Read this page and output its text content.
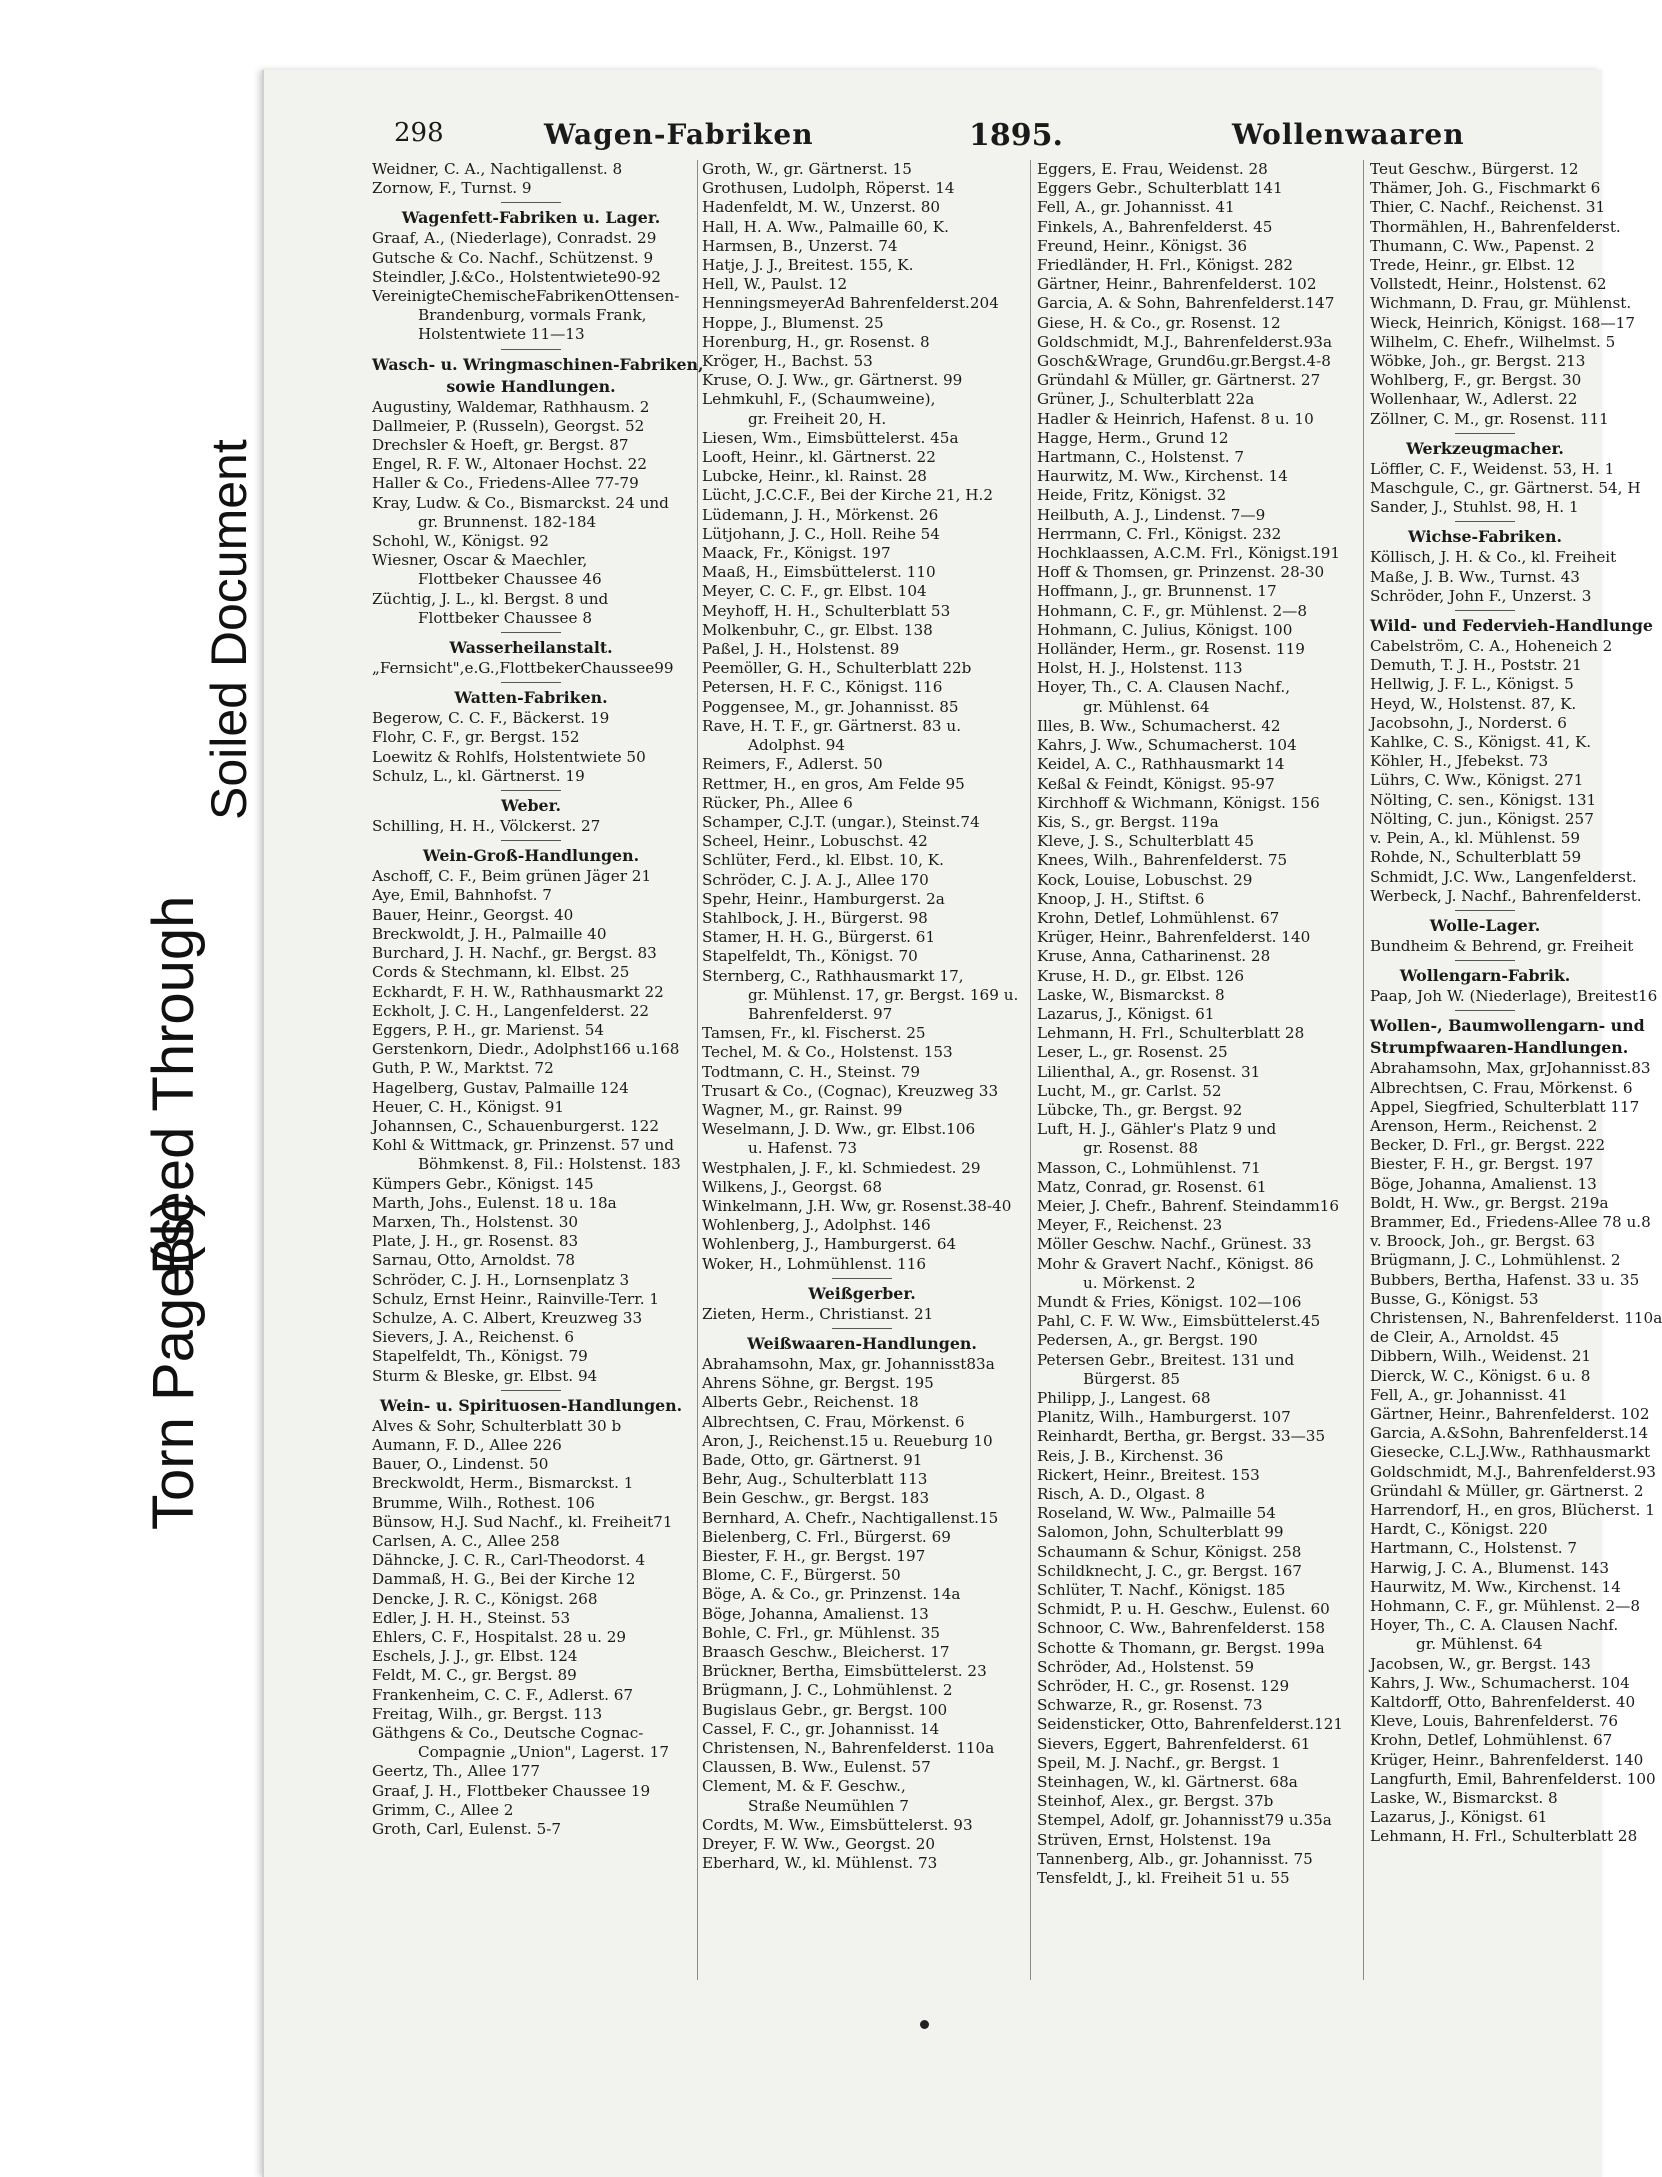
Torn Page(s)
Bleed Through
Soiled Document
298	Wagen-Fabriken	1895.	Wollenwaaren
Weidner, C. A., Nachtigallenst. 8
Zornow, F., Turnst. 9
Wagenfett-Fabriken u. Lager.
Graaf, A., (Niederlage), Conradst. 29
Gutsche & Co. Nachf., Schützenst. 9
Steindler, J.&Co., Holstentwiete90-92
VereinigteChemischeFabrikenOttensen-
Brandenburg, vormals Frank,
Holstentwiete 11—13
Wasch- u. Wringmaschinen-Fabriken,
sowie Handlungen.
Augustiny, Waldemar, Rathhausm. 2
Dallmeier, P. (Russeln), Georgst. 52
Drechsler & Hoeft, gr. Bergst. 87
Engel, R. F. W., Altonaer Hochst. 22
Haller & Co., Friedens-Allee 77-79
Kray, Ludw. & Co., Bismarckst. 24 und
gr. Brunnenst. 182-184
Schohl, W., Königst. 92
Wiesner, Oscar & Maechler,
Flottbeker Chaussee 46
Züchtig, J. L., kl. Bergst. 8 und
Flottbeker Chaussee 8
Wasserheilanstalt.
„Fernsicht",e.G.,FlottbekerChaussee99
Watten-Fabriken.
Begerow, C. C. F., Bäckerst. 19
Flohr, C. F., gr. Bergst. 152
Loewitz & Rohlfs, Holstentwiete 50
Schulz, L., kl. Gärtnerst. 19
Weber.
Schilling, H. H., Völckerst. 27
Wein-Groß-Handlungen.
Aschoff, C. F., Beim grünen Jäger 21
Aye, Emil, Bahnhofst. 7
Bauer, Heinr., Georgst. 40
Breckwoldt, J. H., Palmaille 40
Burchard, J. H. Nachf., gr. Bergst. 83
Cords & Stechmann, kl. Elbst. 25
Eckhardt, F. H. W., Rathhausmarkt 22
Eckholt, J. C. H., Langenfelderst. 22
Eggers, P. H., gr. Marienst. 54
Gerstenkorn, Diedr., Adolphst166 u.168
Guth, P. W., Marktst. 72
Hagelberg, Gustav, Palmaille 124
Heuer, C. H., Königst. 91
Johannsen, C., Schauenburgerst. 122
Kohl & Wittmack, gr. Prinzenst. 57 und
Böhmkenst. 8, Fil.: Holstenst. 183
Kümpers Gebr., Königst. 145
Marth, Johs., Eulenst. 18 u. 18a
Marxen, Th., Holstenst. 30
Plate, J. H., gr. Rosenst. 83
Sarnau, Otto, Arnoldst. 78
Schröder, C. J. H., Lornsenplatz 3
Schulz, Ernst Heinr., Rainville-Terr. 1
Schulze, A. C. Albert, Kreuzweg 33
Sievers, J. A., Reichenst. 6
Stapelfeldt, Th., Königst. 79
Sturm & Bleske, gr. Elbst. 94
Wein- u. Spirituosen-Handlungen.
Alves & Sohr, Schulterblatt 30 b
Aumann, F. D., Allee 226
Bauer, O., Lindenst. 50
Breckwoldt, Herm., Bismarckst. 1
Brumme, Wilh., Rothest. 106
Bünsow, H.J. Sud Nachf., kl. Freiheit71
Carlsen, A. C., Allee 258
Dähncke, J. C. R., Carl-Theodorst. 4
Dammaß, H. G., Bei der Kirche 12
Dencke, J. R. C., Königst. 268
Edler, J. H. H., Steinst. 53
Ehlers, C. F., Hospitalst. 28 u. 29
Eschels, J. J., gr. Elbst. 124
Feldt, M. C., gr. Bergst. 89
Frankenheim, C. C. F., Adlerst. 67
Freitag, Wilh., gr. Bergst. 113
Gäthgens & Co., Deutsche Cognac-
Compagnie „Union", Lagerst. 17
Geertz, Th., Allee 177
Graaf, J. H., Flottbeker Chaussee 19
Grimm, C., Allee 2
Groth, Carl, Eulenst. 5-7
Groth, W., gr. Gärtnerst. 15
Grothusen, Ludolph, Röperst. 14
Hadenfeldt, M. W., Unzerst. 80
Hall, H. A. Ww., Palmaille 60, K.
Harmsen, B., Unzerst. 74
Hatje, J. J., Breitest. 155, K.
Hell, W., Paulst. 12
HenningsmeyerAd Bahrenfelderst.204
Hoppe, J., Blumenst. 25
Horenburg, H., gr. Rosenst. 8
Kröger, H., Bachst. 53
Kruse, O. J. Ww., gr. Gärtnerst. 99
Lehmkuhl, F., (Schaumweine),
gr. Freiheit 20, H.
Liesen, Wm., Eimsbüttelerst. 45a
Looft, Heinr., kl. Gärtnerst. 22
Lubcke, Heinr., kl. Rainst. 28
Lücht, J.C.C.F., Bei der Kirche 21, H.2
Lüdemann, J. H., Mörkenst. 26
Lütjohann, J. C., Holl. Reihe 54
Maack, Fr., Königst. 197
Maaß, H., Eimsbüttelerst. 110
Meyer, C. C. F., gr. Elbst. 104
Meyhoff, H. H., Schulterblatt 53
Molkenbuhr, C., gr. Elbst. 138
Paßel, J. H., Holstenst. 89
Peemöller, G. H., Schulterblatt 22b
Petersen, H. F. C., Königst. 116
Poggensee, M., gr. Johannisst. 85
Rave, H. T. F., gr. Gärtnerst. 83 u.
Adolphst. 94
Reimers, F., Adlerst. 50
Rettmer, H., en gros, Am Felde 95
Rücker, Ph., Allee 6
Schamper, C.J.T. (ungar.), Steinst.74
Scheel, Heinr., Lobuschst. 42
Schlüter, Ferd., kl. Elbst. 10, K.
Schröder, C. J. A. J., Allee 170
Spehr, Heinr., Hamburgerst. 2a
Stahlbock, J. H., Bürgerst. 98
Stamer, H. H. G., Bürgerst. 61
Stapelfeldt, Th., Königst. 70
Sternberg, C., Rathhausmarkt 17,
gr. Mühlenst. 17, gr. Bergst. 169 u.
Bahrenfelderst. 97
Tamsen, Fr., kl. Fischerst. 25
Techel, M. & Co., Holstenst. 153
Todtmann, C. H., Steinst. 79
Trusart & Co., (Cognac), Kreuzweg 33
Wagner, M., gr. Rainst. 99
Weselmann, J. D. Ww., gr. Elbst.106
u. Hafenst. 73
Westphalen, J. F., kl. Schmiedest. 29
Wilkens, J., Georgst. 68
Winkelmann, J.H. Ww, gr. Rosenst.38-40
Wohlenberg, J., Adolphst. 146
Wohlenberg, J., Hamburgerst. 64
Woker, H., Lohmühlenst. 116
Weißgerber.
Zieten, Herm., Christianst. 21
Weißwaaren-Handlungen.
Abrahamsohn, Max, gr. Johannisst83a
Ahrens Söhne, gr. Bergst. 195
Alberts Gebr., Reichenst. 18
Albrechtsen, C. Frau, Mörkenst. 6
Aron, J., Reichenst.15 u. Reueburg 10
Bade, Otto, gr. Gärtnerst. 91
Behr, Aug., Schulterblatt 113
Bein Geschw., gr. Bergst. 183
Bernhard, A. Chefr., Nachtigallenst.15
Bielenberg, C. Frl., Bürgerst. 69
Biester, F. H., gr. Bergst. 197
Blome, C. F., Bürgerst. 50
Böge, A. & Co., gr. Prinzenst. 14a
Böge, Johanna, Amalienst. 13
Bohle, C. Frl., gr. Mühlenst. 35
Braasch Geschw., Bleicherst. 17
Brückner, Bertha, Eimsbüttelerst. 23
Brügmann, J. C., Lohmühlenst. 2
Bugislaus Gebr., gr. Bergst. 100
Cassel, F. C., gr. Johannisst. 14
Christensen, N., Bahrenfelderst. 110a
Claussen, B. Ww., Eulenst. 57
Clement, M. & F. Geschw.,
Straße Neumühlen 7
Cordts, M. Ww., Eimsbüttelerst. 93
Dreyer, F. W. Ww., Georgst. 20
Eberhard, W., kl. Mühlenst. 73
Eggers, E. Frau, Weidenst. 28
Eggers Gebr., Schulterblatt 141
Fell, A., gr. Johannisst. 41
Finkels, A., Bahrenfelderst. 45
Freund, Heinr., Königst. 36
Friedländer, H. Frl., Königst. 282
Gärtner, Heinr., Bahrenfelderst. 102
Garcia, A. & Sohn, Bahrenfelderst.147
Giese, H. & Co., gr. Rosenst. 12
Goldschmidt, M.J., Bahrenfelderst.93a
Gosch&Wrage, Grund6u.gr.Bergst.4-8
Gründahl & Müller, gr. Gärtnerst. 27
Grüner, J., Schulterblatt 22a
Hadler & Heinrich, Hafenst. 8 u. 10
Hagge, Herm., Grund 12
Hartmann, C., Holstenst. 7
Haurwitz, M. Ww., Kirchenst. 14
Heide, Fritz, Königst. 32
Heilbuth, A. J., Lindenst. 7—9
Herrmann, C. Frl., Königst. 232
Hochklaassen, A.C.M. Frl., Königst.191
Hoff & Thomsen, gr. Prinzenst. 28-30
Hoffmann, J., gr. Brunnenst. 17
Hohmann, C. F., gr. Mühlenst. 2—8
Hohmann, C. Julius, Königst. 100
Holländer, Herm., gr. Rosenst. 119
Holst, H. J., Holstenst. 113
Hoyer, Th., C. A. Clausen Nachf.,
gr. Mühlenst. 64
Illes, B. Ww., Schumacherst. 42
Kahrs, J. Ww., Schumacherst. 104
Keidel, A. C., Rathhausmarkt 14
Keßal & Feindt, Königst. 95-97
Kirchhoff & Wichmann, Königst. 156
Kis, S., gr. Bergst. 119a
Kleve, J. S., Schulterblatt 45
Knees, Wilh., Bahrenfelderst. 75
Kock, Louise, Lobuschst. 29
Knoop, J. H., Stiftst. 6
Krohn, Detlef, Lohmühlenst. 67
Krüger, Heinr., Bahrenfelderst. 140
Kruse, Anna, Catharinenst. 28
Kruse, H. D., gr. Elbst. 126
Laske, W., Bismarckst. 8
Lazarus, J., Königst. 61
Lehmann, H. Frl., Schulterblatt 28
Leser, L., gr. Rosenst. 25
Lilienthal, A., gr. Rosenst. 31
Lucht, M., gr. Carlst. 52
Lübcke, Th., gr. Bergst. 92
Luft, H. J., Gähler's Platz 9 und
gr. Rosenst. 88
Masson, C., Lohmühlenst. 71
Matz, Conrad, gr. Rosenst. 61
Meier, J. Chefr., Bahrenf. Steindamm16
Meyer, F., Reichenst. 23
Möller Geschw. Nachf., Grünest. 33
Mohr & Gravert Nachf., Königst. 86
u. Mörkenst. 2
Mundt & Fries, Königst. 102—106
Pahl, C. F. W. Ww., Eimsbüttelerst.45
Pedersen, A., gr. Bergst. 190
Petersen Gebr., Breitest. 131 und
Bürgerst. 85
Philipp, J., Langest. 68
Planitz, Wilh., Hamburgerst. 107
Reinhardt, Bertha, gr. Bergst. 33—35
Reis, J. B., Kirchenst. 36
Rickert, Heinr., Breitest. 153
Risch, A. D., Olgast. 8
Roseland, W. Ww., Palmaille 54
Salomon, John, Schulterblatt 99
Schaumann & Schur, Königst. 258
Schildknecht, J. C., gr. Bergst. 167
Schlüter, T. Nachf., Königst. 185
Schmidt, P. u. H. Geschw., Eulenst. 60
Schnoor, C. Ww., Bahrenfelderst. 158
Schotte & Thomann, gr. Bergst. 199a
Schröder, Ad., Holstenst. 59
Schröder, H. C., gr. Rosenst. 129
Schwarze, R., gr. Rosenst. 73
Seidensticker, Otto, Bahrenfelderst.121
Sievers, Eggert, Bahrenfelderst. 61
Speil, M. J. Nachf., gr. Bergst. 1
Steinhagen, W., kl. Gärtnerst. 68a
Steinhof, Alex., gr. Bergst. 37b
Stempel, Adolf, gr. Johannisst79 u.35a
Strüven, Ernst, Holstenst. 19a
Tannenberg, Alb., gr. Johannisst. 75
Tensfeldt, J., kl. Freiheit 51 u. 55
Teut Geschw., Bürgerst. 12
Thämer, Joh. G., Fischmarkt 6
Thier, C. Nachf., Reichenst. 31
Thormählen, H., Bahrenfelderst.
Thumann, C. Ww., Papenst. 2
Trede, Heinr., gr. Elbst. 12
Vollstedt, Heinr., Holstenst. 62
Wichmann, D. Frau, gr. Mühlenst.
Wieck, Heinrich, Königst. 168—17
Wilhelm, C. Ehefr., Wilhelmst. 5
Wöbke, Joh., gr. Bergst. 213
Wohlberg, F., gr. Bergst. 30
Wollenhaar, W., Adlerst. 22
Zöllner, C. M., gr. Rosenst. 111
Werkzeugmacher.
Löffler, C. F., Weidenst. 53, H. 1
Maschgule, C., gr. Gärtnerst. 54, H
Sander, J., Stuhlst. 98, H. 1
Wichse-Fabriken.
Köllisch, J. H. & Co., kl. Freiheit
Maße, J. B. Ww., Turnst. 43
Schröder, John F., Unzerst. 3
Wild- und Federvieh-Handlunge
Cabelström, C. A., Hoheneich 2
Demuth, T. J. H., Poststr. 21
Hellwig, J. F. L., Königst. 5
Heyd, W., Holstenst. 87, K.
Jacobsohn, J., Norderst. 6
Kahlke, C. S., Königst. 41, K.
Köhler, H., Jfebekst. 73
Lührs, C. Ww., Königst. 271
Nölting, C. sen., Königst. 131
Nölting, C. jun., Königst. 257
v. Pein, A., kl. Mühlenst. 59
Rohde, N., Schulterblatt 59
Schmidt, J.C. Ww., Langenfelderst.
Werbeck, J. Nachf., Bahrenfelderst.
Wolle-Lager.
Bundheim & Behrend, gr. Freiheit
Wollengarn-Fabrik.
Paap, Joh W. (Niederlage), Breitest16
Wollen-, Baumwollengarn- und
Strumpfwaaren-Handlungen.
Abrahamsohn, Max, grJohannisst.83
Albrechtsen, C. Frau, Mörkenst. 6
Appel, Siegfried, Schulterblatt 117
Arenson, Herm., Reichenst. 2
Becker, D. Frl., gr. Bergst. 222
Biester, F. H., gr. Bergst. 197
Böge, Johanna, Amalienst. 13
Boldt, H. Ww., gr. Bergst. 219a
Brammer, Ed., Friedens-Allee 78 u.8
v. Broock, Joh., gr. Bergst. 63
Brügmann, J. C., Lohmühlenst. 2
Bubbers, Bertha, Hafenst. 33 u. 35
Busse, G., Königst. 53
Christensen, N., Bahrenfelderst. 110a
de Cleir, A., Arnoldst. 45
Dibbern, Wilh., Weidenst. 21
Dierck, W. C., Königst. 6 u. 8
Fell, A., gr. Johannisst. 41
Gärtner, Heinr., Bahrenfelderst. 102
Garcia, A.&Sohn, Bahrenfelderst.14
Giesecke, C.L.J.Ww., Rathhausmarkt
Goldschmidt, M.J., Bahrenfelderst.93
Gründahl & Müller, gr. Gärtnerst. 2
Harrendorf, H., en gros, Blücherst. 1
Hardt, C., Königst. 220
Hartmann, C., Holstenst. 7
Harwig, J. C. A., Blumenst. 143
Haurwitz, M. Ww., Kirchenst. 14
Hohmann, C. F., gr. Mühlenst. 2—8
Hoyer, Th., C. A. Clausen Nachf.
gr. Mühlenst. 64
Jacobsen, W., gr. Bergst. 143
Kahrs, J. Ww., Schumacherst. 104
Kaltdorff, Otto, Bahrenfelderst. 40
Kleve, Louis, Bahrenfelderst. 76
Krohn, Detlef, Lohmühlenst. 67
Krüger, Heinr., Bahrenfelderst. 140
Langfurth, Emil, Bahrenfelderst. 100
Laske, W., Bismarckst. 8
Lazarus, J., Königst. 61
Lehmann, H. Frl., Schulterblatt 28
